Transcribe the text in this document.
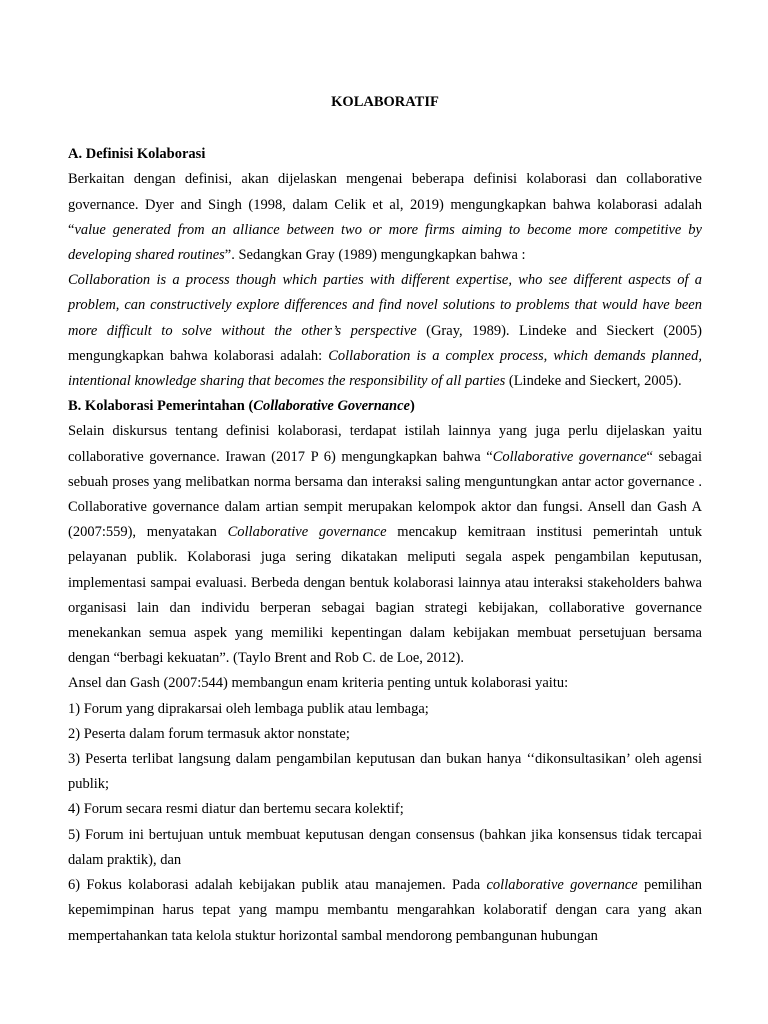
KOLABORATIF

A. Definisi Kolaborasi

Berkaitan dengan definisi, akan dijelaskan mengenai beberapa definisi kolaborasi dan collaborative governance. Dyer and Singh (1998, dalam Celik et al, 2019) mengungkapkan bahwa kolaborasi adalah “value generated from an alliance between two or more firms aiming to become more competitive by developing shared routines”. Sedangkan Gray (1989) mengungkapkan bahwa :

Collaboration is a process though which parties with different expertise, who see different aspects of a problem, can constructively explore differences and find novel solutions to problems that would have been more difficult to solve without the other’s perspective (Gray, 1989). Lindeke and Sieckert (2005) mengungkapkan bahwa kolaborasi adalah: Collaboration is a complex process, which demands planned, intentional knowledge sharing that becomes the responsibility of all parties (Lindeke and Sieckert, 2005).

B. Kolaborasi Pemerintahan (Collaborative Governance)

Selain diskursus tentang definisi kolaborasi, terdapat istilah lainnya yang juga perlu dijelaskan yaitu collaborative governance. Irawan (2017 P 6) mengungkapkan bahwa “Collaborative governance“ sebagai sebuah proses yang melibatkan norma bersama dan interaksi saling menguntungkan antar actor governance . Collaborative governance dalam artian sempit merupakan kelompok aktor dan fungsi. Ansell dan Gash A (2007:559), menyatakan Collaborative governance mencakup kemitraan institusi pemerintah untuk pelayanan publik. Kolaborasi juga sering dikatakan meliputi segala aspek pengambilan keputusan, implementasi sampai evaluasi. Berbeda dengan bentuk kolaborasi lainnya atau interaksi stakeholders bahwa organisasi lain dan individu berperan sebagai bagian strategi kebijakan, collaborative governance menekankan semua aspek yang memiliki kepentingan dalam kebijakan membuat persetujuan bersama dengan “berbagi kekuatan”. (Taylo Brent and Rob C. de Loe, 2012).

Ansel dan Gash (2007:544) membangun enam kriteria penting untuk kolaborasi yaitu:

1) Forum yang diprakarsai oleh lembaga publik atau lembaga;

2) Peserta dalam forum termasuk aktor nonstate;

3) Peserta terlibat langsung dalam pengambilan keputusan dan bukan hanya ‘‘dikonsultasikan’ oleh agensi publik;

4) Forum secara resmi diatur dan bertemu secara kolektif;

5) Forum ini bertujuan untuk membuat keputusan dengan consensus (bahkan jika konsensus tidak tercapai dalam praktik), dan

6) Fokus kolaborasi adalah kebijakan publik atau manajemen. Pada collaborative governance pemilihan kepemimpinan harus tepat yang mampu membantu mengarahkan kolaboratif dengan cara yang akan mempertahankan tata kelola stuktur horizontal sambal mendorong pembangunan hubungan
